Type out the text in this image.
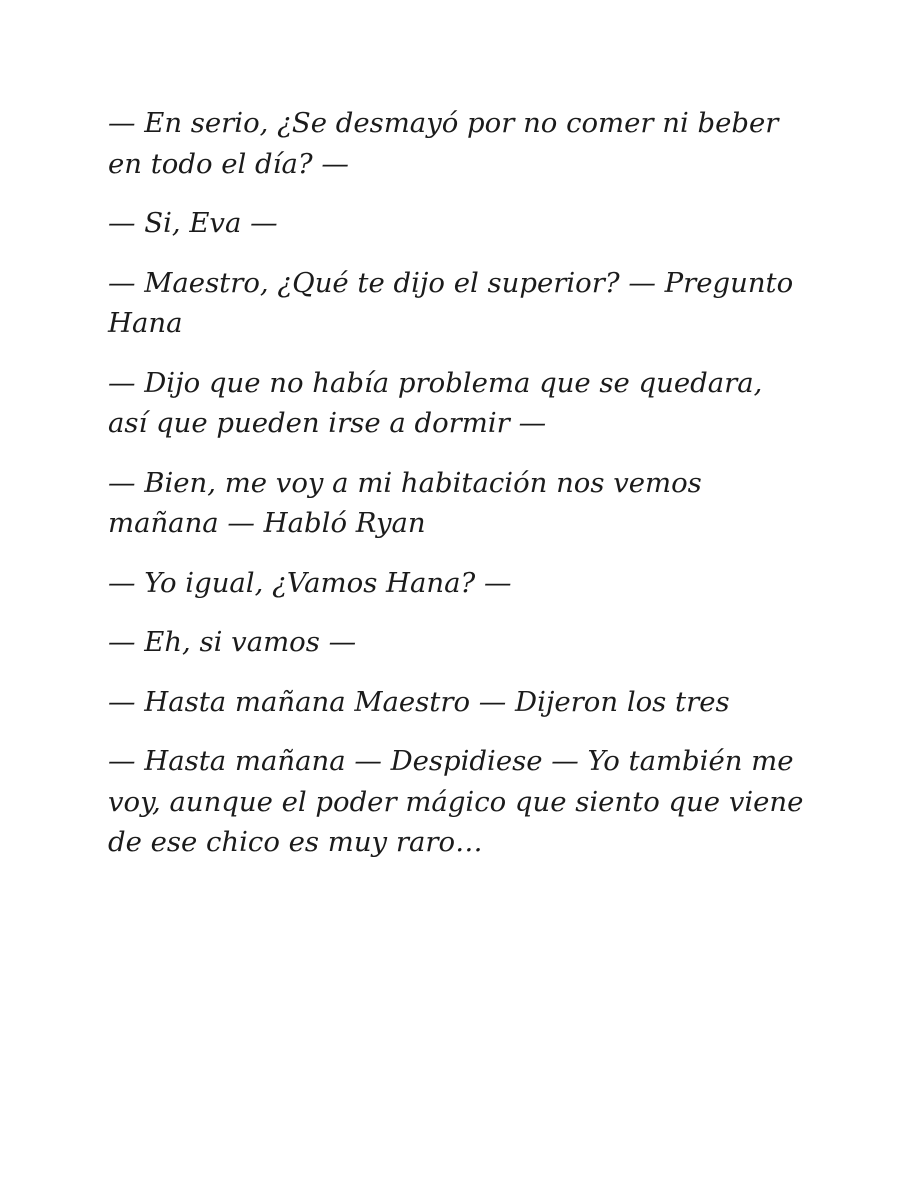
— En serio, ¿Se desmayó por no comer ni beber en todo el día? —

— Si, Eva —

— Maestro, ¿Qué te dijo el superior? — Pregunto Hana

— Dijo que no había problema que se quedara, así que pueden irse a dormir —

— Bien, me voy a mi habitación nos vemos mañana — Habló Ryan

— Yo igual, ¿Vamos Hana? —

— Eh, si vamos —

— Hasta mañana Maestro — Dijeron los tres

— Hasta mañana — Despidiese — Yo también me voy, aunque el poder mágico que siento que viene de ese chico es muy raro…
